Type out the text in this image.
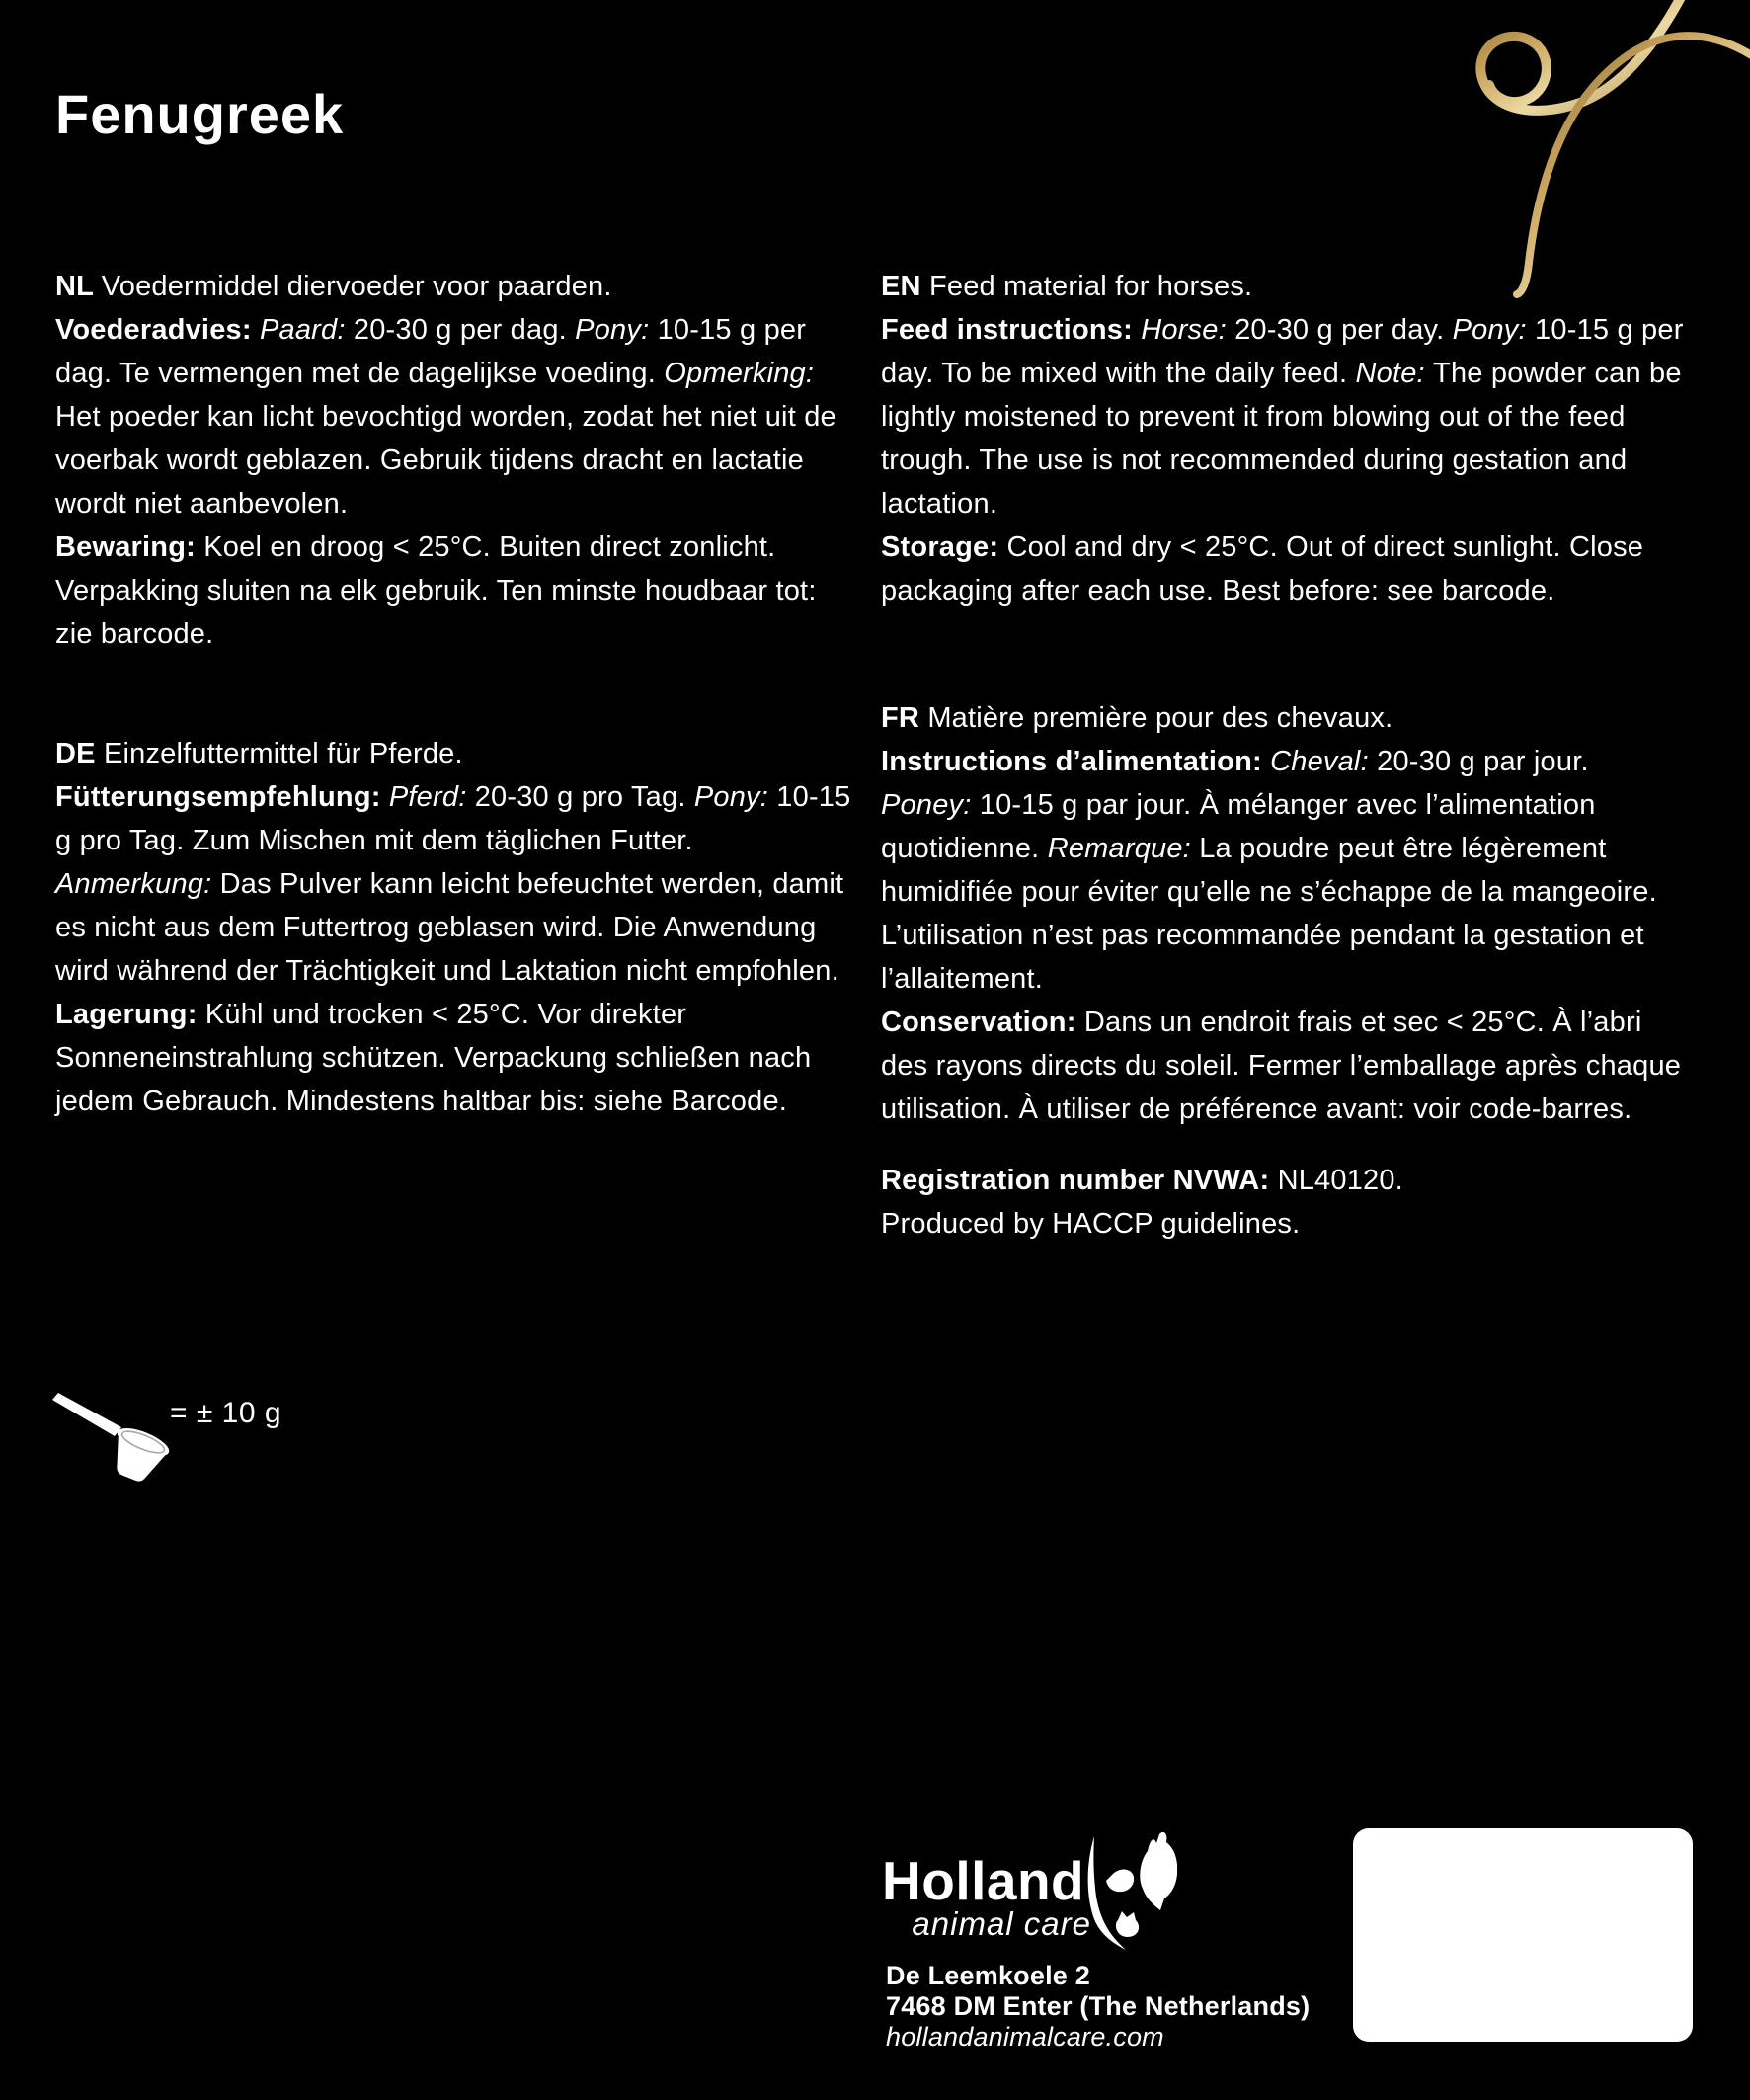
Fenugreek

NL Voedermiddel diervoeder voor paarden.

Voederadvies: Paard: 20-30 g per dag. Pony: 10-15 g per dag. Te vermengen met de dagelijkse voeding. Opmerking: Het poeder kan licht bevochtigd worden, zodat het niet uit de voerbak wordt geblazen. Gebruik tijdens dracht en lactatie wordt niet aanbevolen.

Bewaring: Koel en droog < 25°C. Buiten direct zonlicht. Verpakking sluiten na elk gebruik. Ten minste houdbaar tot: zie barcode.

DE Einzelfuttermittel für Pferde.

Fütterungsempfehlung: Pferd: 20-30 g pro Tag. Pony: 10-15 g pro Tag. Zum Mischen mit dem täglichen Futter. Anmerkung: Das Pulver kann leicht befeuchtet werden, damit es nicht aus dem Futtertrog geblasen wird. Die Anwendung wird während der Trächtigkeit und Laktation nicht empfohlen.

Lagerung: Kühl und trocken < 25°C. Vor direkter Sonneneinstrahlung schützen. Verpackung schließen nach jedem Gebrauch. Mindestens haltbar bis: siehe Barcode.

EN Feed material for horses.

Feed instructions: Horse: 20-30 g per day. Pony: 10-15 g per day. To be mixed with the daily feed. Note: The powder can be lightly moistened to prevent it from blowing out of the feed trough. The use is not recommended during gestation and lactation.

Storage: Cool and dry < 25°C. Out of direct sunlight. Close packaging after each use. Best before: see barcode.

FR Matière première pour des chevaux.

Instructions d’alimentation: Cheval: 20-30 g par jour. Poney: 10-15 g par jour. À mélanger avec l’alimentation quotidienne. Remarque: La poudre peut être légèrement humidifiée pour éviter qu’elle ne s’échappe de la mangeoire. L’utilisation n’est pas recommandée pendant la gestation et l’allaitement.

Conservation: Dans un endroit frais et sec < 25°C. À l’abri des rayons directs du soleil. Fermer l’emballage après chaque utilisation. À utiliser de préférence avant: voir code-barres.

Registration number NVWA: NL40120.

Produced by HACCP guidelines.

= ± 10 g
Holland
animal care
De Leemkoele 2
7468 DM Enter (The Netherlands)
hollandanimalcare.com
